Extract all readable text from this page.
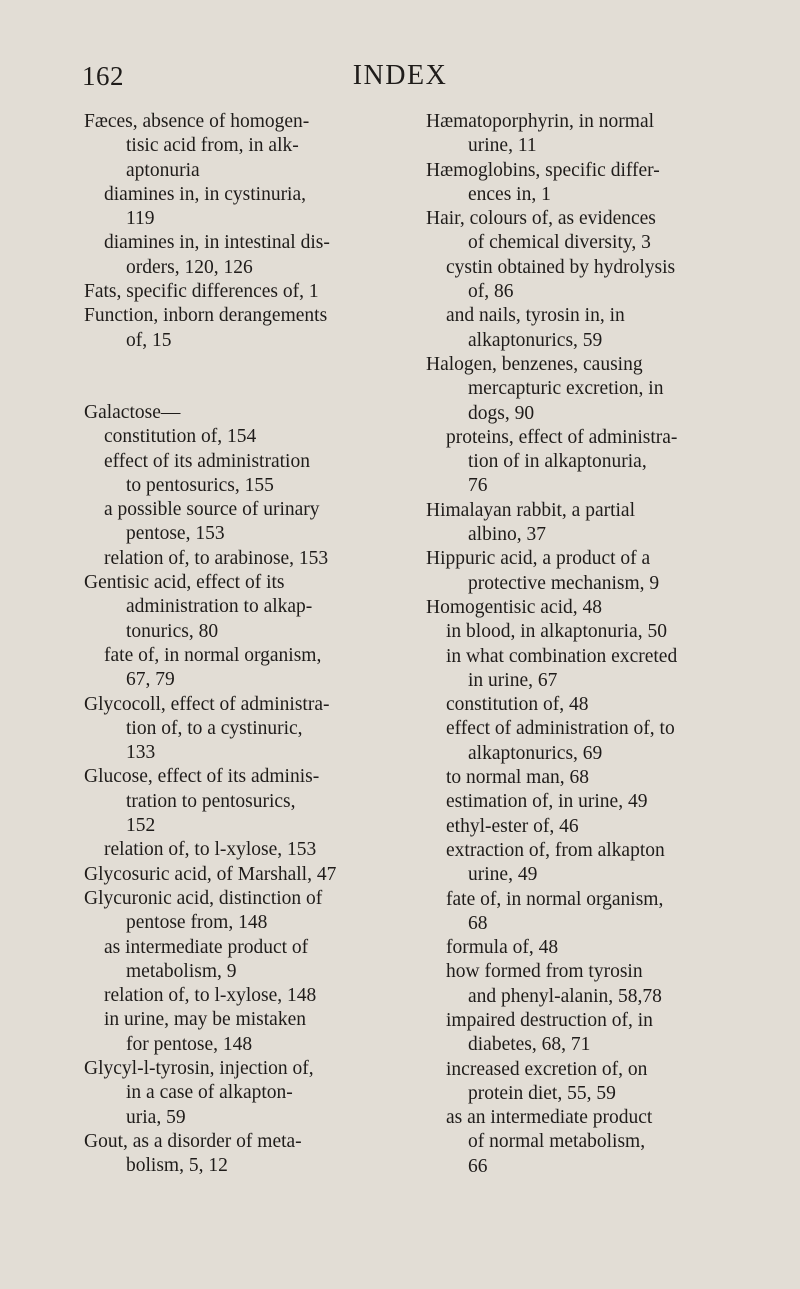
162	INDEX
Fæces, absence of homogen-
tisic acid from, in alk-
aptonuria
diamines in, in cystinuria,
119
diamines in, in intestinal dis-
orders, 120, 126
Fats, specific differences of, 1
Function, inborn derangements
of, 15
Galactose—
constitution of, 154
effect of its administration
to pentosurics, 155
a possible source of urinary
pentose, 153
relation of, to arabinose, 153
Gentisic acid, effect of its
administration to alkap-
tonurics, 80
fate of, in normal organism,
67, 79
Glycocoll, effect of administra-
tion of, to a cystinuric,
133
Glucose, effect of its adminis-
tration to pentosurics,
152
relation of, to l-xylose, 153
Glycosuric acid, of Marshall, 47
Glycuronic acid, distinction of
pentose from, 148
as intermediate product of
metabolism, 9
relation of, to l-xylose, 148
in urine, may be mistaken
for pentose, 148
Glycyl-l-tyrosin, injection of,
in a case of alkapton-
uria, 59
Gout, as a disorder of meta-
bolism, 5, 12
Hæmatoporphyrin, in normal
urine, 11
Hæmoglobins, specific differ-
ences in, 1
Hair, colours of, as evidences
of chemical diversity, 3
cystin obtained by hydrolysis
of, 86
and nails, tyrosin in, in
alkaptonurics, 59
Halogen, benzenes, causing
mercapturic excretion, in
dogs, 90
proteins, effect of administra-
tion of in alkaptonuria,
76
Himalayan rabbit, a partial
albino, 37
Hippuric acid, a product of a
protective mechanism, 9
Homogentisic acid, 48
in blood, in alkaptonuria, 50
in what combination excreted
in urine, 67
constitution of, 48
effect of administration of, to
alkaptonurics, 69
to normal man, 68
estimation of, in urine, 49
ethyl-ester of, 46
extraction of, from alkapton
urine, 49
fate of, in normal organism,
68
formula of, 48
how formed from tyrosin
and phenyl-alanin, 58,78
impaired destruction of, in
diabetes, 68, 71
increased excretion of, on
protein diet, 55, 59
as an intermediate product
of normal metabolism,
66
